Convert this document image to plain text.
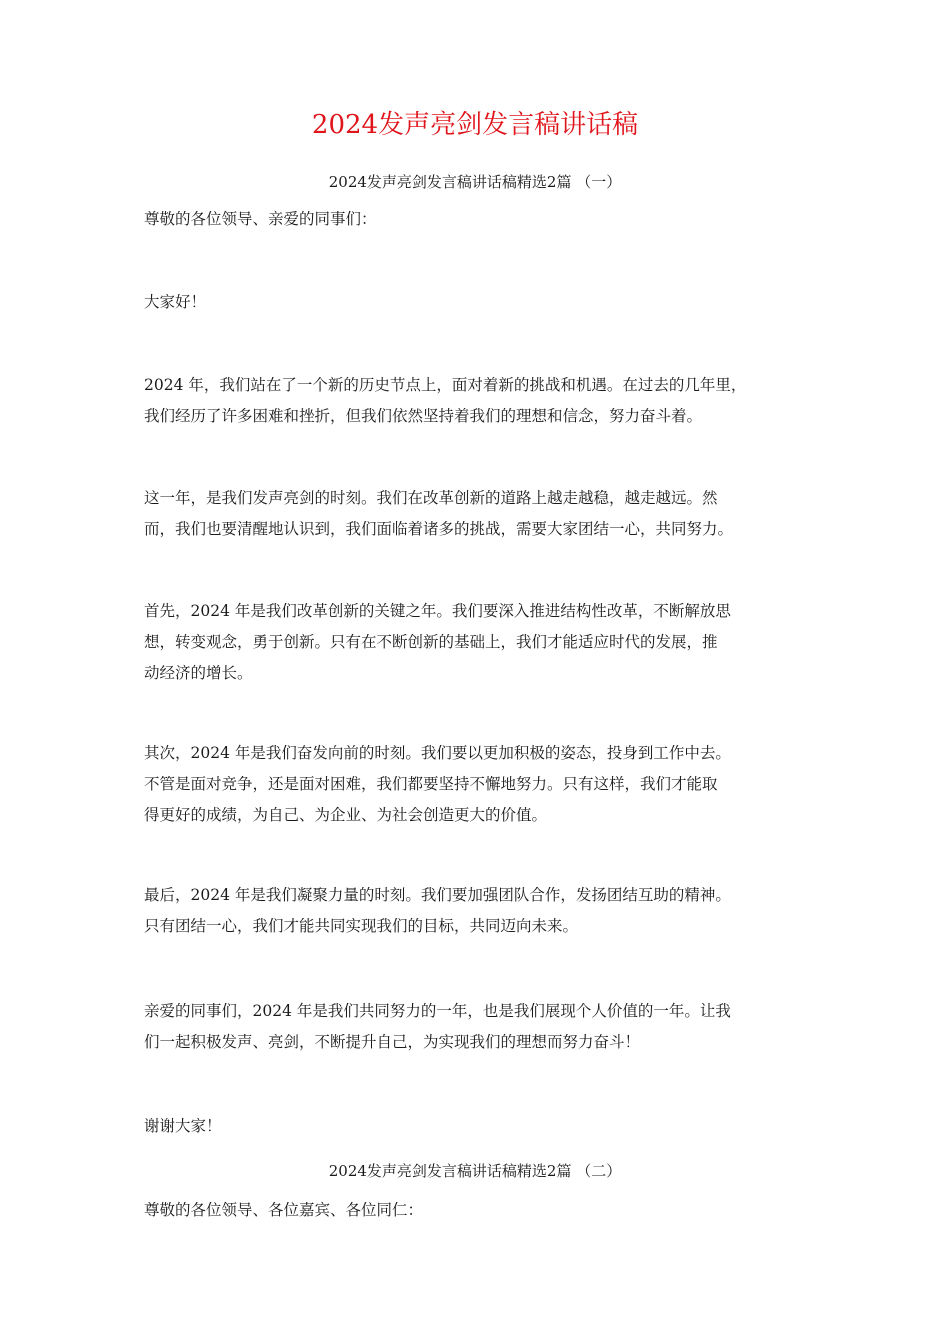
2024发声亮剑发言稿讲话稿

2024发声亮剑发言稿讲话稿精选2篇 （一）

尊敬的各位领导、亲爱的同事们：

大家好！

2024 年，我们站在了一个新的历史节点上，面对着新的挑战和机遇。在过去的几年里，
我们经历了许多困难和挫折，但我们依然坚持着我们的理想和信念，努力奋斗着。

这一年，是我们发声亮剑的时刻。我们在改革创新的道路上越走越稳，越走越远。然
而，我们也要清醒地认识到，我们面临着诸多的挑战，需要大家团结一心，共同努力。

首先，2024 年是我们改革创新的关键之年。我们要深入推进结构性改革，不断解放思
想，转变观念，勇于创新。只有在不断创新的基础上，我们才能适应时代的发展，推
动经济的增长。

其次，2024 年是我们奋发向前的时刻。我们要以更加积极的姿态，投身到工作中去。
不管是面对竞争，还是面对困难，我们都要坚持不懈地努力。只有这样，我们才能取
得更好的成绩，为自己、为企业、为社会创造更大的价值。

最后，2024 年是我们凝聚力量的时刻。我们要加强团队合作，发扬团结互助的精神。
只有团结一心，我们才能共同实现我们的目标，共同迈向未来。

亲爱的同事们，2024 年是我们共同努力的一年，也是我们展现个人价值的一年。让我
们一起积极发声、亮剑，不断提升自己，为实现我们的理想而努力奋斗！

谢谢大家！

2024发声亮剑发言稿讲话稿精选2篇 （二）

尊敬的各位领导、各位嘉宾、各位同仁：
